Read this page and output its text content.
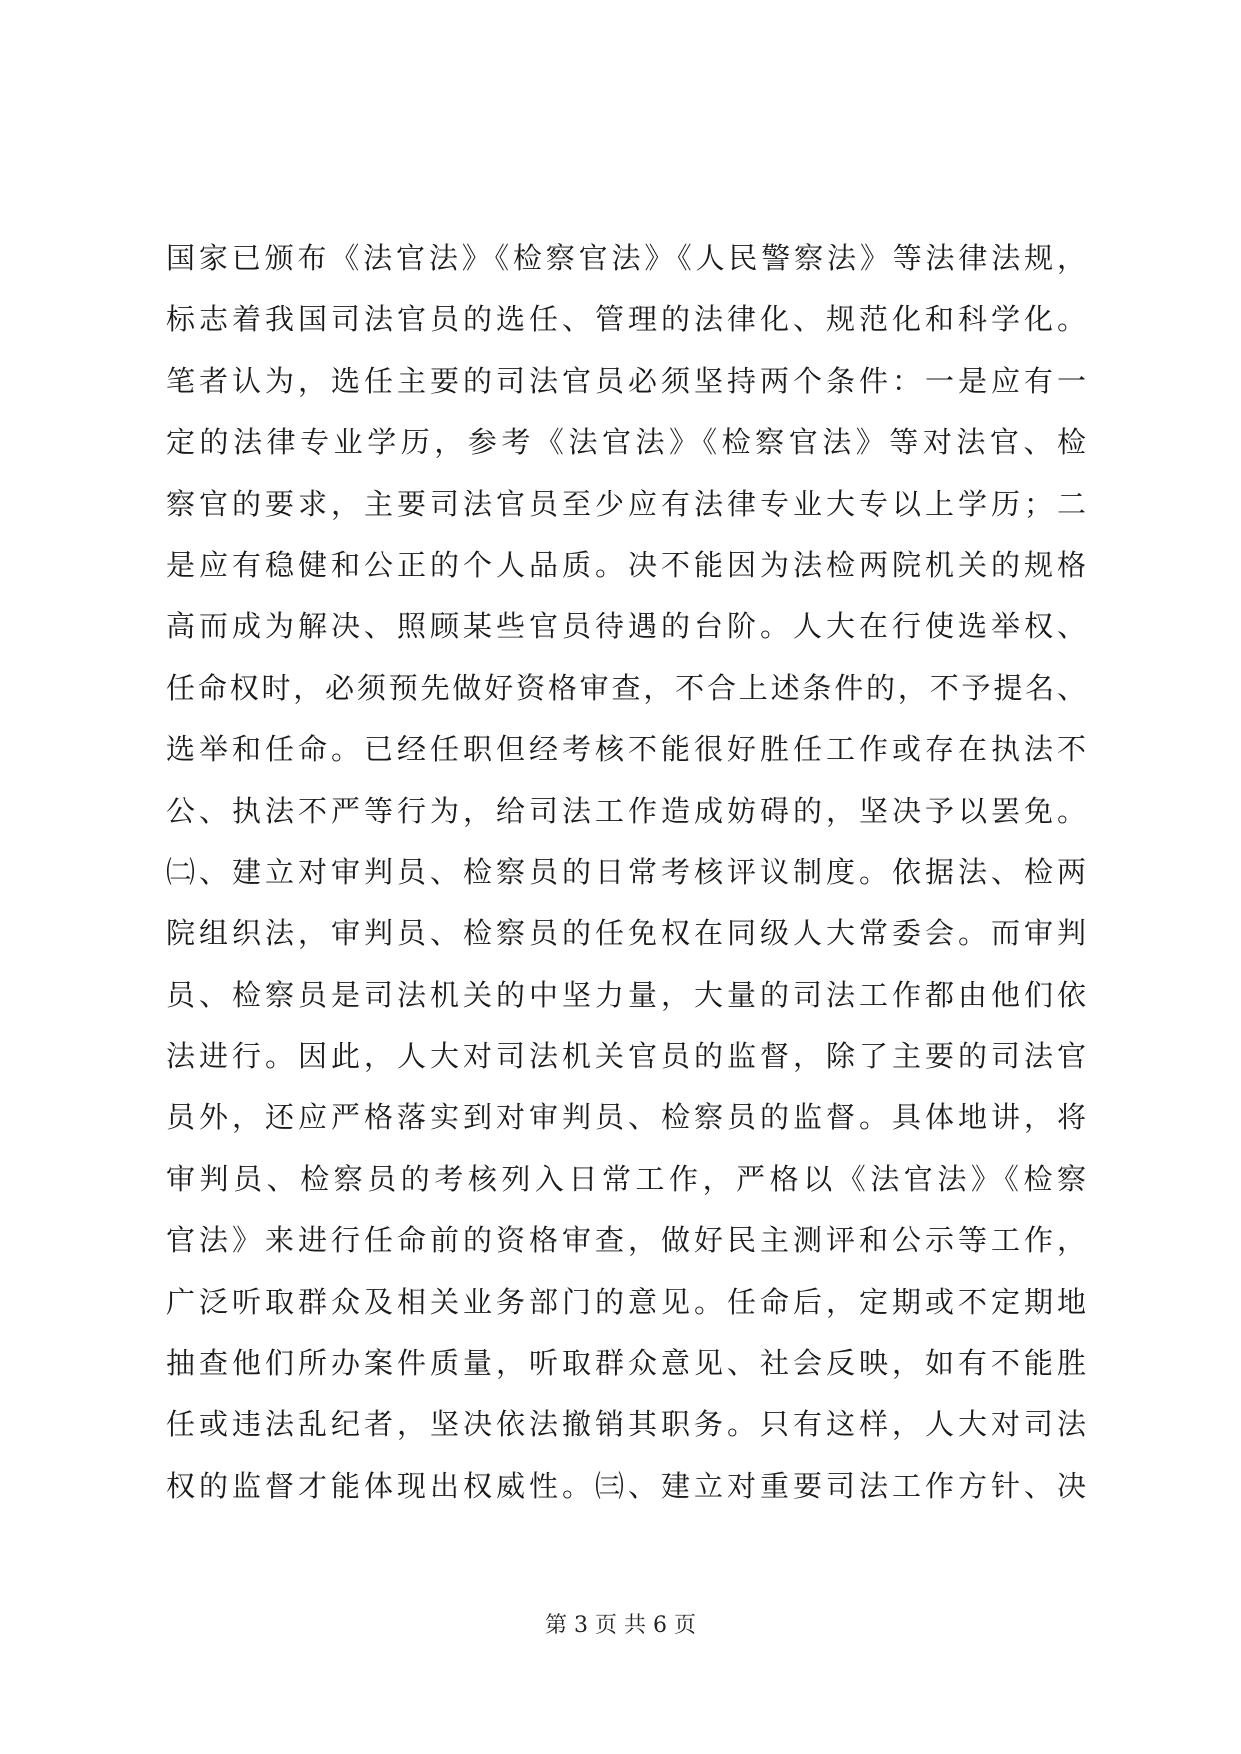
国家已颁布《法官法》《检察官法》《人民警察法》等法律法规，
标志着我国司法官员的选任、管理的法律化、规范化和科学化。
笔者认为，选任主要的司法官员必须坚持两个条件：一是应有一
定的法律专业学历，参考《法官法》《检察官法》等对法官、检
察官的要求，主要司法官员至少应有法律专业大专以上学历；二
是应有稳健和公正的个人品质。决不能因为法检两院机关的规格
高而成为解决、照顾某些官员待遇的台阶。人大在行使选举权、
任命权时，必须预先做好资格审查，不合上述条件的，不予提名、
选举和任命。已经任职但经考核不能很好胜任工作或存在执法不
公、执法不严等行为，给司法工作造成妨碍的，坚决予以罢免。
㈡、建立对审判员、检察员的日常考核评议制度。依据法、检两
院组织法，审判员、检察员的任免权在同级人大常委会。而审判
员、检察员是司法机关的中坚力量，大量的司法工作都由他们依
法进行。因此，人大对司法机关官员的监督，除了主要的司法官
员外，还应严格落实到对审判员、检察员的监督。具体地讲，将
审判员、检察员的考核列入日常工作，严格以《法官法》《检察
官法》来进行任命前的资格审查，做好民主测评和公示等工作，
广泛听取群众及相关业务部门的意见。任命后，定期或不定期地
抽查他们所办案件质量，听取群众意见、社会反映，如有不能胜
任或违法乱纪者，坚决依法撤销其职务。只有这样，人大对司法
权的监督才能体现出权威性。㈢、建立对重要司法工作方针、决
第 3 页 共 6 页
